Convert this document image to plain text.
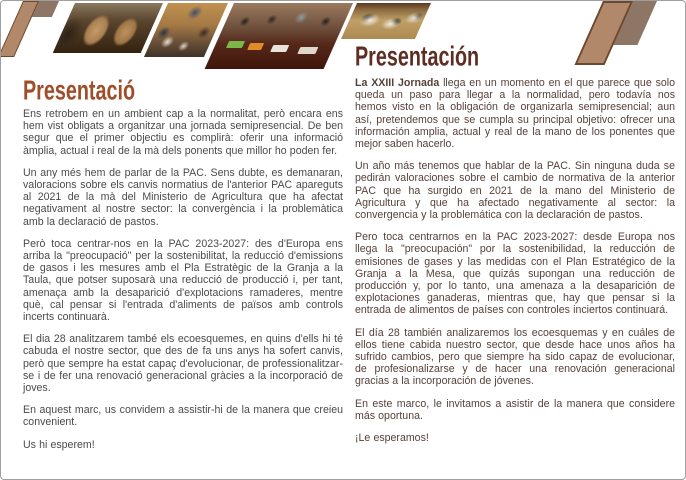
Presentació

Ens retrobem en un ambient cap a la normalitat, però encara ens hem vist obligats a organitzar una jornada semipresencial. De ben segur que el primer objectiu es complirà: oferir una informació àmplia, actual i real de la mà dels ponents que millor ho poden fer.

Un any més hem de parlar de la PAC. Sens dubte, es demanaran, valoracions sobre els canvis normatius de l'anterior PAC apareguts al 2021 de la mà del Ministerio de Agricultura que ha afectat negativament al nostre sector: la convergència i la problemàtica amb la declaració de pastos.

Però toca centrar-nos en la PAC 2023-2027: des d'Europa ens arriba la "preocupació" per la sostenibilitat, la reducció d'emissions de gasos i les mesures amb el Pla Estratègic de la Granja a la Taula, que potser suposarà una reducció de producció i, per tant, amenaça amb la desaparició d'explotacions ramaderes, mentre què, cal pensar si l'entrada d'aliments de països amb controls incerts continuarà.

El dia 28 analitzarem també els ecoesquemes, en quins d'ells hi té cabuda el nostre sector, que des de fa uns anys ha sofert canvis, però que sempre ha estat capaç d'evolucionar, de professionalitzar-se i de fer una renovació generacional gràcies a la incorporació de joves.

En aquest marc, us convidem a assistir-hi de la manera que creieu convenient.

Us hi esperem!

Presentación

La XXIII Jornada llega en un momento en el que parece que solo queda un paso para llegar a la normalidad, pero todavía nos hemos visto en la obligación de organizarla semipresencial; aun así, pretendemos que se cumpla su principal objetivo: ofrecer una información amplia, actual y real de la mano de los ponentes que mejor saben hacerlo.

Un año más tenemos que hablar de la PAC. Sin ninguna duda se pedirán valoraciones sobre el cambio de normativa de la anterior PAC que ha surgido en 2021 de la mano del Ministerio de Agricultura y que ha afectado negativamente al sector: la convergencia y la problemática con la declaración de pastos.

Pero toca centrarnos en la PAC 2023-2027: desde Europa nos llega la "preocupación" por la sostenibilidad, la reducción de emisiones de gases y las medidas con el Plan Estratégico de la Granja a la Mesa, que quizás supongan una reducción de producción y, por lo tanto, una amenaza a la desaparición de explotaciones ganaderas, mientras que, hay que pensar si la entrada de alimentos de países con controles inciertos continuará.

El día 28 también analizaremos los ecoesquemas y en cuáles de ellos tiene cabida nuestro sector, que desde hace unos años ha sufrido cambios, pero que siempre ha sido capaz de evolucionar, de profesionalizarse y de hacer una renovación generacional gracias a la incorporación de jóvenes.

En este marco, le invitamos a asistir de la manera que considere más oportuna.

¡Le esperamos!
